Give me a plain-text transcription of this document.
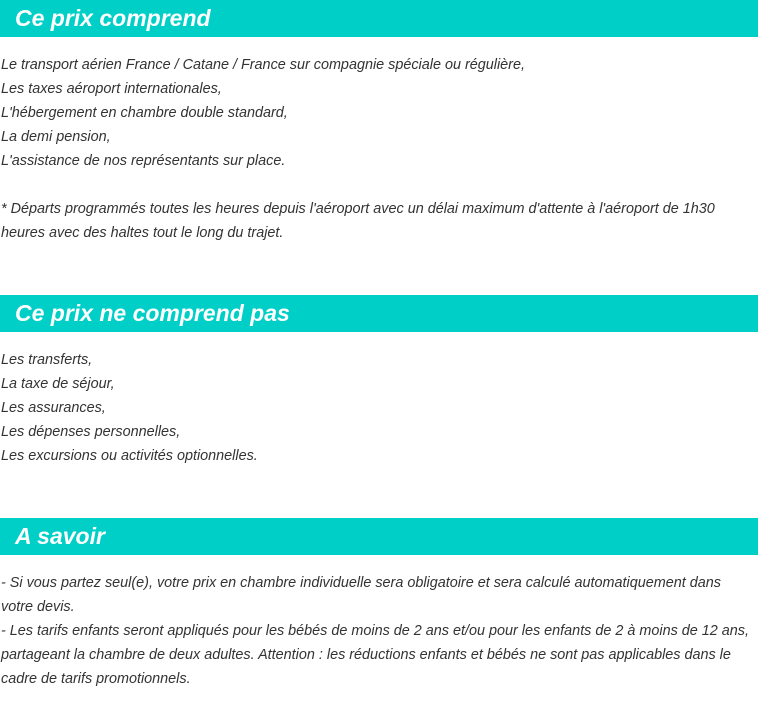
Ce prix comprend
Le transport aérien France / Catane / France sur compagnie spéciale ou régulière,
Les taxes aéroport internationales,
L'hébergement en chambre double standard,
La demi pension,
L'assistance de nos représentants sur place.
* Départs programmés toutes les heures depuis l'aéroport avec un délai maximum d'attente à l'aéroport de 1h30 heures avec des haltes tout le long du trajet.
Ce prix ne comprend pas
Les transferts,
La taxe de séjour,
Les assurances,
Les dépenses personnelles,
Les excursions ou activités optionnelles.
A savoir
- Si vous partez seul(e), votre prix en chambre individuelle sera obligatoire et sera calculé automatiquement dans votre devis.
- Les tarifs enfants seront appliqués pour les bébés de moins de 2 ans et/ou pour les enfants de 2 à moins de 12 ans, partageant la chambre de deux adultes. Attention : les réductions enfants et bébés ne sont pas applicables dans le cadre de tarifs promotionnels.
